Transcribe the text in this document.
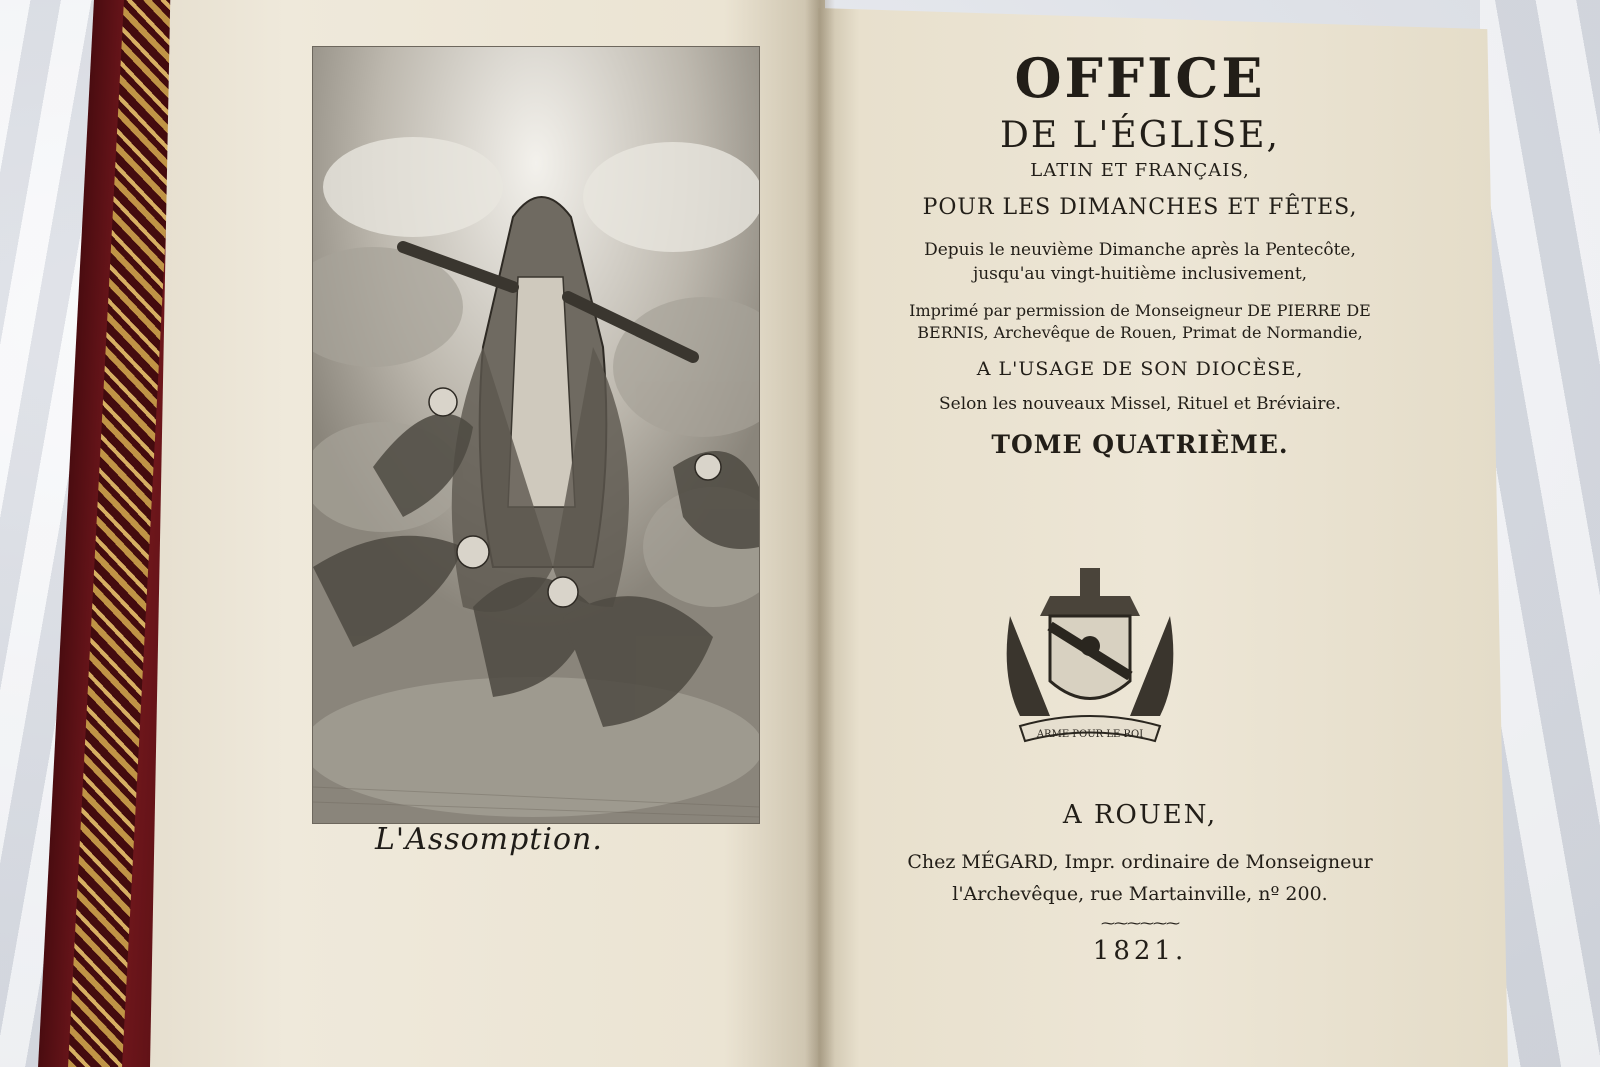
L'Assomption.
OFFICE
DE L'ÉGLISE,
LATIN ET FRANÇAIS,
POUR LES DIMANCHES ET FÊTES,
Depuis le neuvième Dimanche après la Pentecôte,
jusqu'au vingt-huitième inclusivement,
Imprimé par permission de Monseigneur DE PIERRE DE
BERNIS, Archevêque de Rouen, Primat de Normandie,
A L'USAGE DE SON DIOCÈSE,
Selon les nouveaux Missel, Rituel et Bréviaire.
TOME QUATRIÈME.
ARME POUR LE ROI
A ROUEN,
Chez MÉGARD, Impr. ordinaire de Monseigneur
l'Archevêque, rue Martainville, nº 200.
⁓⁓⁓⁓⁓⁓
1821.
